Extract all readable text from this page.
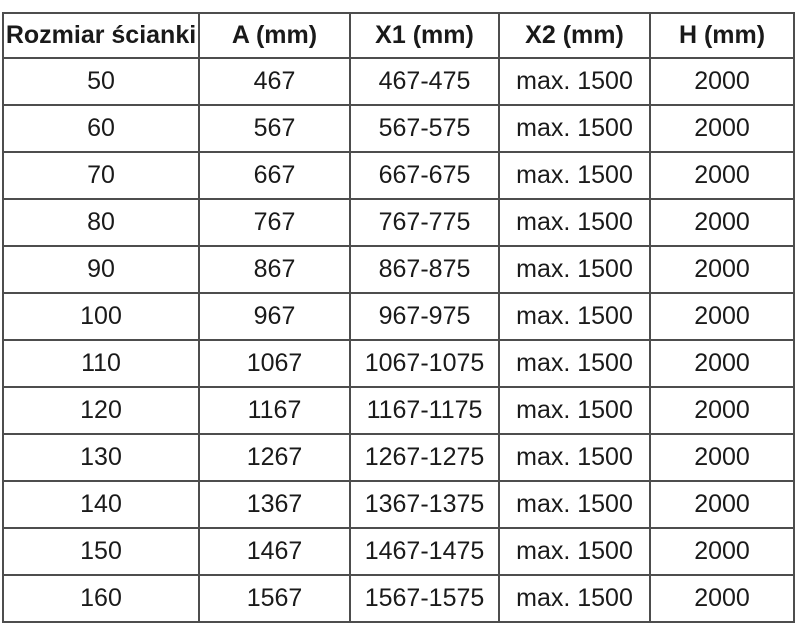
Rozmiar ścianki	A (mm)	X1 (mm)	X2 (mm)	H (mm)
50	467	467-475	max. 1500	2000
60	567	567-575	max. 1500	2000
70	667	667-675	max. 1500	2000
80	767	767-775	max. 1500	2000
90	867	867-875	max. 1500	2000
100	967	967-975	max. 1500	2000
110	1067	1067-1075	max. 1500	2000
120	1167	1167-1175	max. 1500	2000
130	1267	1267-1275	max. 1500	2000
140	1367	1367-1375	max. 1500	2000
150	1467	1467-1475	max. 1500	2000
160	1567	1567-1575	max. 1500	2000
